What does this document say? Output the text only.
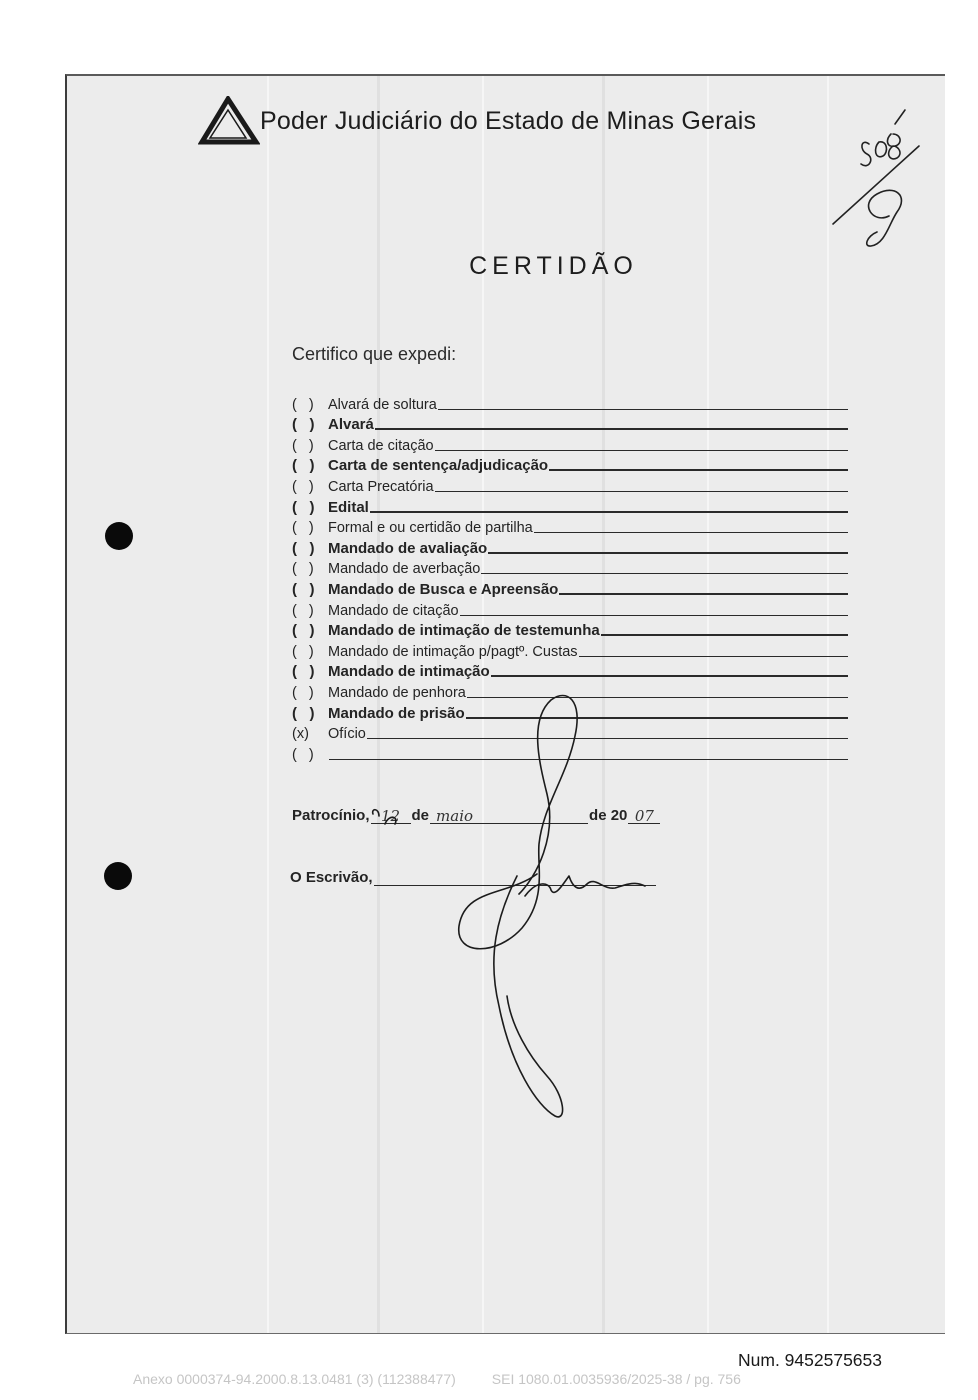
Poder Judiciário do Estado de Minas Gerais
CERTIDÃO
Certifico que expedi:
(   ) Alvará de soltura
(   ) Alvará
(   ) Carta de citação
(   ) Carta de sentença/adjudicação
(   ) Carta Precatória
(   ) Edital
(   ) Formal e ou certidão de partilha
(   ) Mandado de avaliação
(   ) Mandado de averbação
(   ) Mandado de Busca e Apreensão
(   ) Mandado de citação
(   ) Mandado de intimação de testemunha
(   ) Mandado de intimação p/pagtº. Custas
(   ) Mandado de intimação
(   ) Mandado de penhora
(   ) Mandado de prisão
(x)	Ofício
(   )
Patrocínio, 12 de maio	de 20 07
O Escrivão,
Num. 9452575653
Anexo 0000374-94.2000.8.13.0481 (3) (112388477)	SEI 1080.01.0035936/2025-38 / pg. 756
